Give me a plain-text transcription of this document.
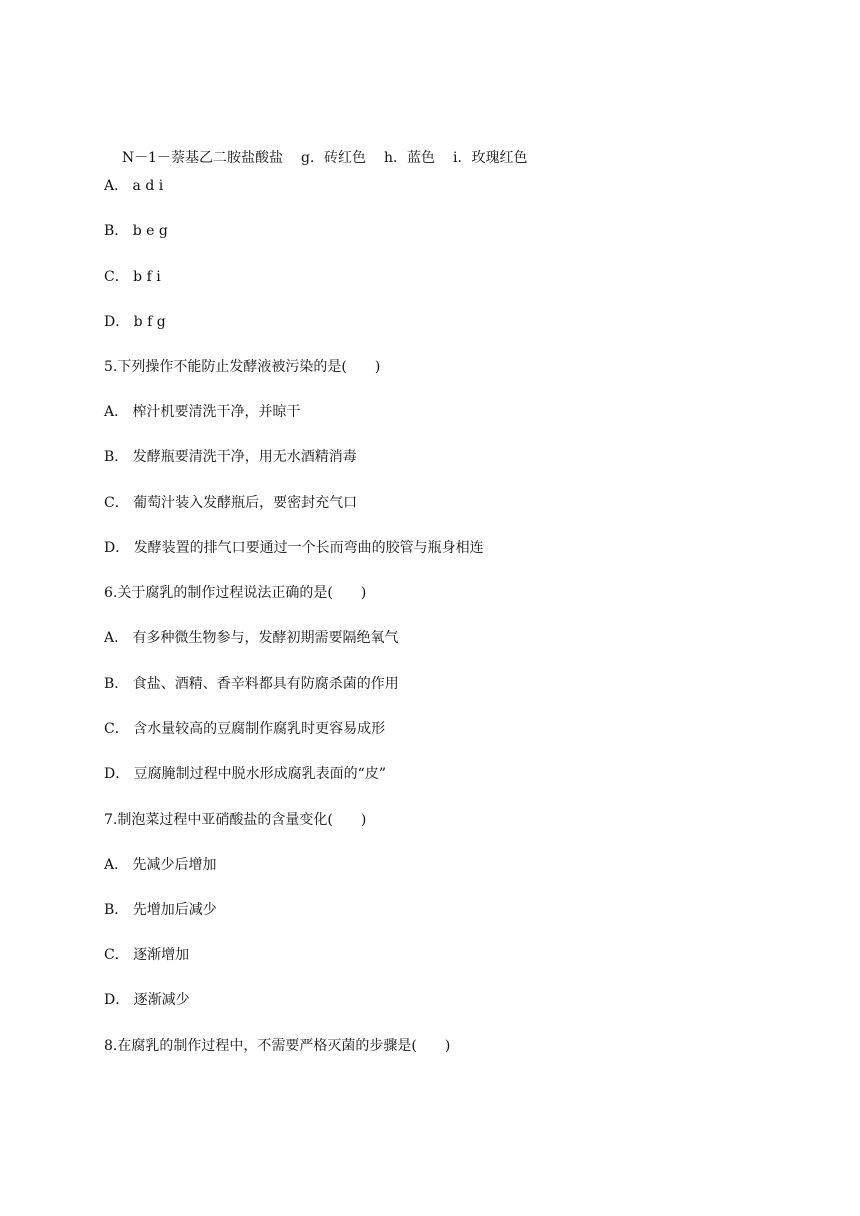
N－1－萘基乙二胺盐酸盐 g．砖红色 h．蓝色 i．玫瑰红色

A． a d i
B． b e g
C． b f i
D． b f g
5.下列操作不能防止发酵液被污染的是(　　)
A． 榨汁机要清洗干净，并晾干
B． 发酵瓶要清洗干净，用无水酒精消毒
C． 葡萄汁装入发酵瓶后，要密封充气口
D． 发酵装置的排气口要通过一个长而弯曲的胶管与瓶身相连
6.关于腐乳的制作过程说法正确的是(　　)
A． 有多种微生物参与，发酵初期需要隔绝氧气
B． 食盐、酒精、香辛料都具有防腐杀菌的作用
C． 含水量较高的豆腐制作腐乳时更容易成形
D． 豆腐腌制过程中脱水形成腐乳表面的“皮”
7.制泡菜过程中亚硝酸盐的含量变化(　　)
A． 先减少后增加
B． 先增加后减少
C． 逐渐增加
D． 逐渐减少
8.在腐乳的制作过程中，不需要严格灭菌的步骤是(　　)
